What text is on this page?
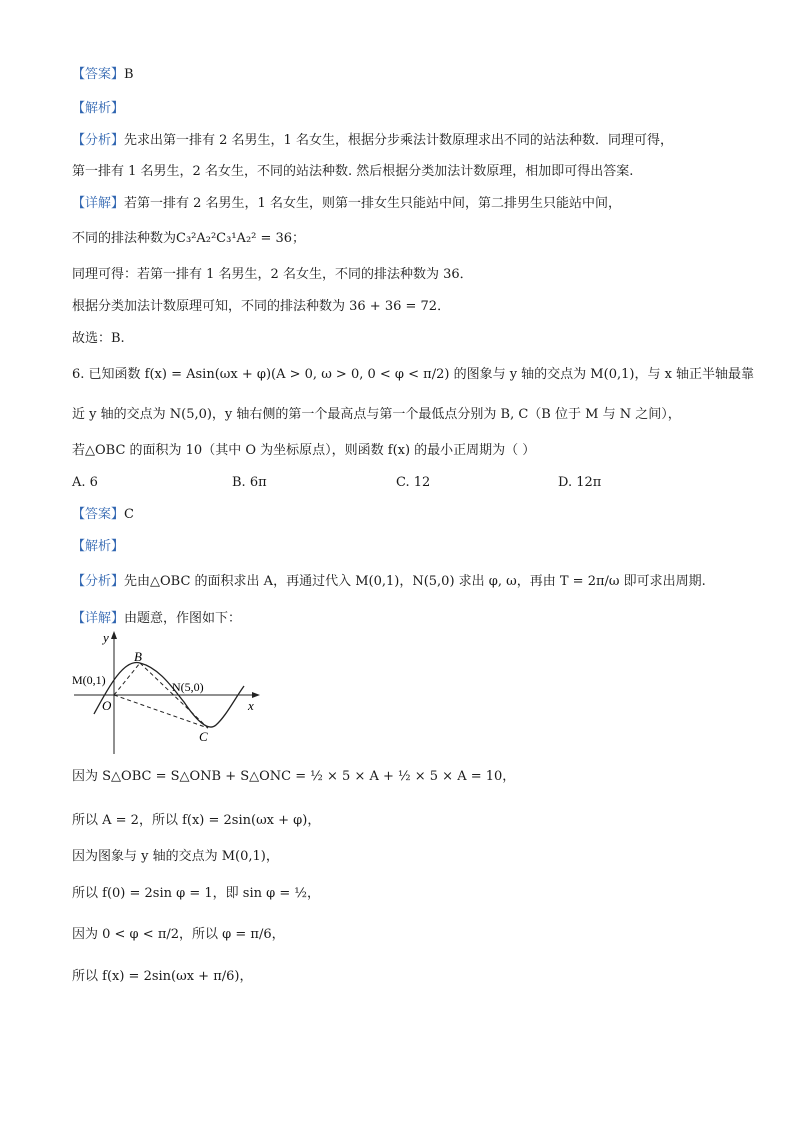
【答案】B
【解析】
【分析】先求出第一排有 2 名男生，1 名女生，根据分步乘法计数原理求出不同的站法种数．同理可得，
第一排有 1 名男生，2 名女生，不同的站法种数. 然后根据分类加法计数原理，相加即可得出答案.
【详解】若第一排有 2 名男生，1 名女生，则第一排女生只能站中间，第二排男生只能站中间，
不同的排法种数为C₃²A₂²C₃¹A₂² = 36；
同理可得：若第一排有 1 名男生，2 名女生，不同的排法种数为 36．
根据分类加法计数原理可知，不同的排法种数为 36 + 36 = 72．
故选：B.
6. 已知函数 f(x) = Asin(ωx + φ)(A > 0, ω > 0, 0 < φ < π/2) 的图象与 y 轴的交点为 M(0,1)，与 x 轴正半轴最靠
近 y 轴的交点为 N(5,0)，y 轴右侧的第一个最高点与第一个最低点分别为 B, C（B 位于 M 与 N 之间），
若△OBC 的面积为 10（其中 O 为坐标原点），则函数 f(x) 的最小正周期为（ ）
A. 6	B. 6π	C. 12	D. 12π
【答案】C
【解析】
【分析】先由△OBC 的面积求出 A，再通过代入 M(0,1)，N(5,0) 求出 φ, ω，再由 T = 2π/ω 即可求出周期.
【详解】由题意，作图如下：
y
x
B
M(0,1)	N(5,0)
O
C
因为 S△OBC = S△ONB + S△ONC = ½ × 5 × A + ½ × 5 × A = 10，
所以 A = 2，所以 f(x) = 2sin(ωx + φ)，
因为图象与 y 轴的交点为 M(0,1)，
所以 f(0) = 2sin φ = 1，即 sin φ = ½，
因为 0 < φ < π/2，所以 φ = π/6，
所以 f(x) = 2sin(ωx + π/6)，
